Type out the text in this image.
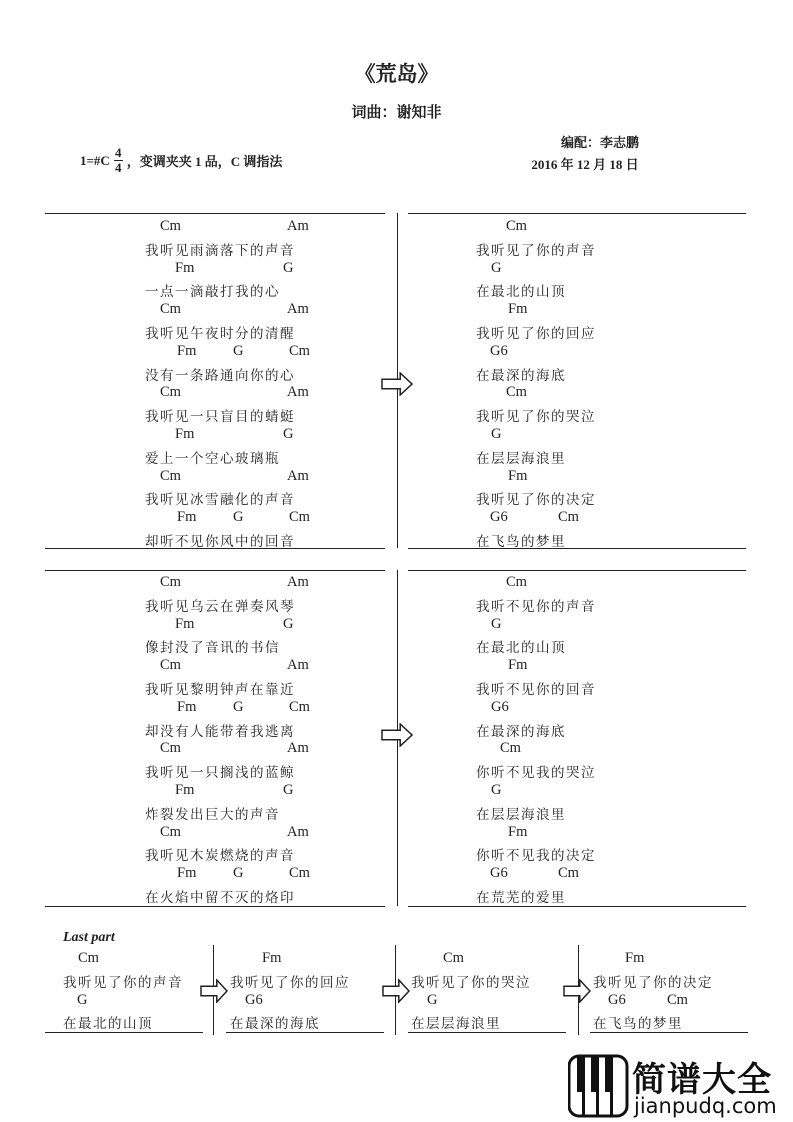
《荒岛》
词曲：谢知非
1=#C $\frac{4}{4}$ ，变调夹夹 1 品，C 调指法
编配：李志鹏
2016 年 12 月 18 日
Last part
Cm	Am
我听见雨滴落下的声音
Fm	G
一点一滴敲打我的心
Cm	Am
我听见午夜时分的清醒
Fm	G	Cm
没有一条路通向你的心
Cm	Am
我听见一只盲目的蜻蜓
Fm	G
爱上一个空心玻璃瓶
Cm	Am
我听见冰雪融化的声音
Fm	G	Cm
却听不见你风中的回音
Cm
我听见了你的声音
G
在最北的山顶
Fm
我听见了你的回应
G6
在最深的海底
Cm
我听见了你的哭泣
G
在层层海浪里
Fm
我听见了你的决定
G6	Cm
在飞鸟的梦里
Cm	Am
我听见乌云在弹奏风琴
Fm	G
像封没了音讯的书信
Cm	Am
我听见黎明钟声在靠近
Fm	G	Cm
却没有人能带着我逃离
Cm	Am
我听见一只搁浅的蓝鲸
Fm	G
炸裂发出巨大的声音
Cm	Am
我听见木炭燃烧的声音
Fm	G	Cm
在火焰中留不灭的烙印
Cm
我听不见你的声音
G
在最北的山顶
Fm
我听不见你的回音
G6
在最深的海底
Cm
你听不见我的哭泣
G
在层层海浪里
Fm
你听不见我的决定
G6	Cm
在荒芜的爱里
Cm
我听见了你的声音
G
在最北的山顶
Fm
我听见了你的回应
G6
在最深的海底
Cm
我听见了你的哭泣
G
在层层海浪里
Fm
我听见了你的决定
G6	Cm
在飞鸟的梦里
简谱大全
jianpudq.com
